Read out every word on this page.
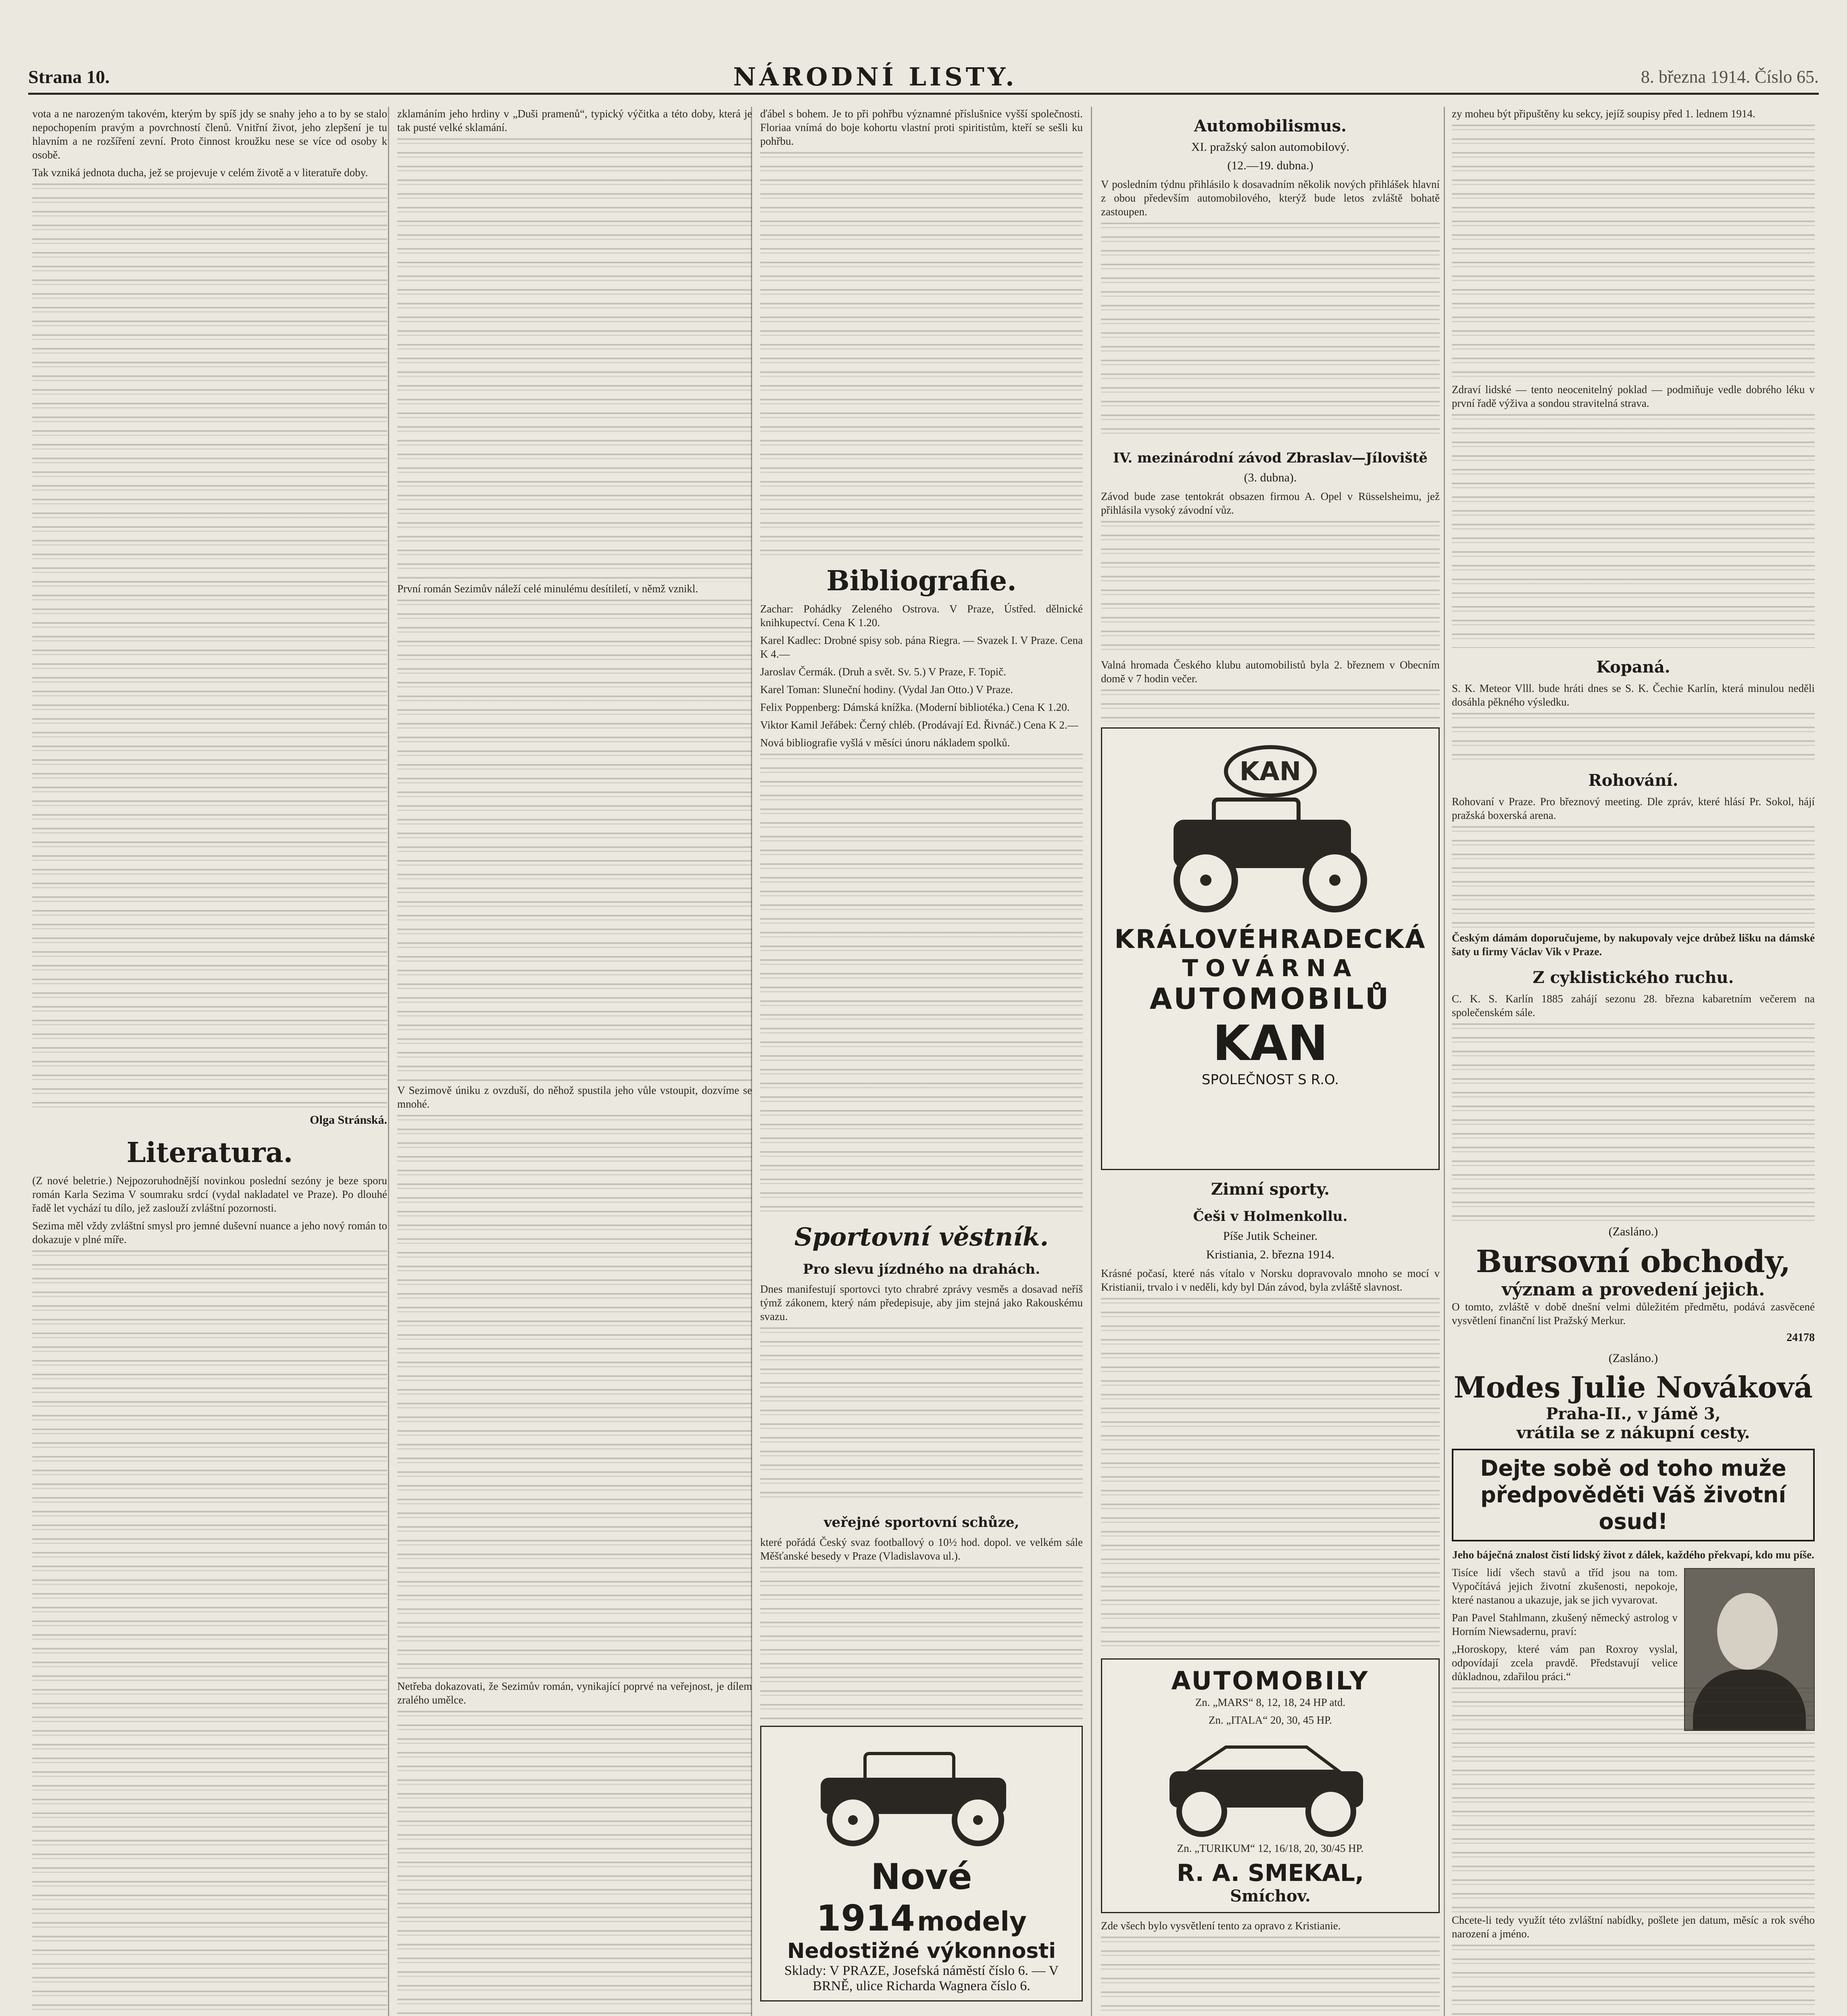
Strana 10.	NÁRODNÍ LISTY.	8. března 1914. Číslo 65.

vota a ne narozeným takovém, kterým by spíš jdy se snahy jeho a to by se stalo nepochopením pravým a povrchností členů. Vnitřní život, jeho zlepšení je tu hlavním a ne rozšíření zevní. Proto činnost kroužku nese se více od osoby k osobě.

Tak vzniká jednota ducha, jež se projevuje v celém životě a v literatuře doby.

Olga Stránská.
Literatura.

(Z nové beletrie.) Nejpozoruhodnější novinkou poslední sezóny je beze sporu román Karla Sezima V soumraku srdcí (vydal nakladatel ve Praze). Po dlouhé řadě let vychází tu dílo, jež zaslouží zvláštní pozornosti.

Sezima měl vždy zvláštní smysl pro jemné duševní nuance a jeho nový román to dokazuje v plné míře.

zklamáním jeho hrdiny v „Duši pramenů“, typický výčitka a této doby, která je tak pusté velké sklamání.

První román Sezimův náleží celé minulému desítiletí, v němž vznikl.

V Sezimově úniku z ovzduší, do něhož spustila jeho vůle vstoupit, dozvíme se mnohé.

Netřeba dokazovati, že Sezimův román, vynikající poprvé na veřejnost, je dílem zralého umělce.

ďábel s bohem. Je to při pohřbu významné příslušnice vyšší společnosti. Floriaa vnímá do boje kohortu vlastní proti spiritistům, kteří se sešli ku pohřbu.

Bibliografie.

Zachar: Pohádky Zeleného Ostrova. V Praze, Ústřed. dělnické knihkupectví. Cena K 1.20.

Karel Kadlec: Drobné spisy sob. pána Riegra. — Svazek I. V Praze. Cena K 4.—

Jaroslav Čermák. (Druh a svět. Sv. 5.) V Praze, F. Topič.

Karel Toman: Sluneční hodiny. (Vydal Jan Otto.) V Praze.

Felix Poppenberg: Dámská knížka. (Moderní bibliotéka.) Cena K 1.20.

Viktor Kamil Jeřábek: Černý chléb. (Prodávají Ed. Řivnáč.) Cena K 2.—

Nová bibliografie vyšlá v měsíci únoru nákladem spolků.

Sportovní věstník.
Pro slevu jízdného na drahách.

Dnes manifestují sportovci tyto chrabré zprávy vesměs a dosavad neříš týmž zákonem, který nám předepisuje, aby jim stejná jako Rakouskému svazu.

veřejné sportovní schůze,

které pořádá Český svaz footballový o 10½ hod. dopol. ve velkém sále Měšťanské besedy v Praze (Vladislavova ul.).

Nové
1914 modely
Nedostižné výkonnosti
Sklady: V PRAZE, Josefská náměstí číslo 6. — V BRNĚ, ulice Richarda Wagnera číslo 6.
Automobilismus.
XI. pražský salon automobilový.
(12.—19. dubna.)

V posledním týdnu přihlásilo k dosavadním několik nových přihlášek hlavní z obou především automobilového, kterýž bude letos zvláště bohatě zastoupen.

IV. mezinárodní závod Zbraslav—Jíloviště
(3. dubna).

Závod bude zase tentokrát obsazen firmou A. Opel v Rüsselsheimu, jež přihlásila vysoký závodní vůz.

Valná hromada Českého klubu automobilistů byla 2. březnem v Obecním domě v 7 hodin večer.

KAN
KRÁLOVÉHRADECKÁ
TOVÁRNA
AUTOMOBILŮ
KAN
SPOLEČNOST S R.O.
Zimní sporty.
Češi v Holmenkollu.
Píše Jutik Scheiner.
Kristiania, 2. března 1914.

Krásné počasí, které nás vítalo v Norsku dopravovalo mnoho se mocí v Kristianii, trvalo i v neděli, kdy byl Dán závod, byla zvláště slavnost.

AUTOMOBILY
Zn. „MARS“ 8, 12, 18, 24 HP atd.
Zn. „ITALA“ 20, 30, 45 HP.
Zn. „TURIKUM“ 12, 16/18, 20, 30/45 HP.
R. A. SMEKAL,
Smíchov.

Zde všech bylo vysvětlení tento za opravo z Kristianie.

zy moheu být připuštěny ku sekcy, jejíž soupisy před 1. lednem 1914.

Zdraví lidské — tento neocenitelný poklad — podmiňuje vedle dobrého léku v první řadě výživa a sondou stravitelná strava.

Kopaná.

S. K. Meteor Vlll. bude hráti dnes se S. K. Čechie Karlín, která minulou neděli dosáhla pěkného výsledku.

Rohování.

Rohovaní v Praze. Pro březnový meeting. Dle zpráv, které hlásí Pr. Sokol, hájí pražská boxerská arena.

Českým dámám doporučujeme, by nakupovaly vejce drůbež lišku na dámské šaty u firmy Václav Vik v Praze.

Z cyklistického ruchu.

C. K. S. Karlín 1885 zahájí sezonu 28. března kabaretním večerem na společenském sále.

(Zasláno.)
Bursovní obchody,
význam a provedení jejich.

O tomto, zvláště v době dnešní velmi důležitém předmětu, podává zasvěcené vysvětlení finanční list Pražský Merkur.

24178
(Zasláno.)
Modes Julie Nováková
Praha-II., v Jámě 3,
vrátila se z nákupní cesty.
Dejte sobě od toho muže předpověděti Váš životní osud!

Jeho báječná znalost čistí lidský život z dálek, každého překvapí, kdo mu píše.

Tisíce lidí všech stavů a tříd jsou na tom. Vypočítává jejich životní zkušenosti, nepokoje, které nastanou a ukazuje, jak se jich vyvarovat.

Pan Pavel Stahlmann, zkušený německý astrolog v Horním Niewsadernu, praví:

„Horoskopy, které vám pan Roxroy vyslal, odpovídají zcela pravdě. Představují velice důkladnou, zdařilou práci.“

Chcete-li tedy využít této zvláštní nabídky, pošlete jen datum, měsíc a rok svého narození a jméno.
